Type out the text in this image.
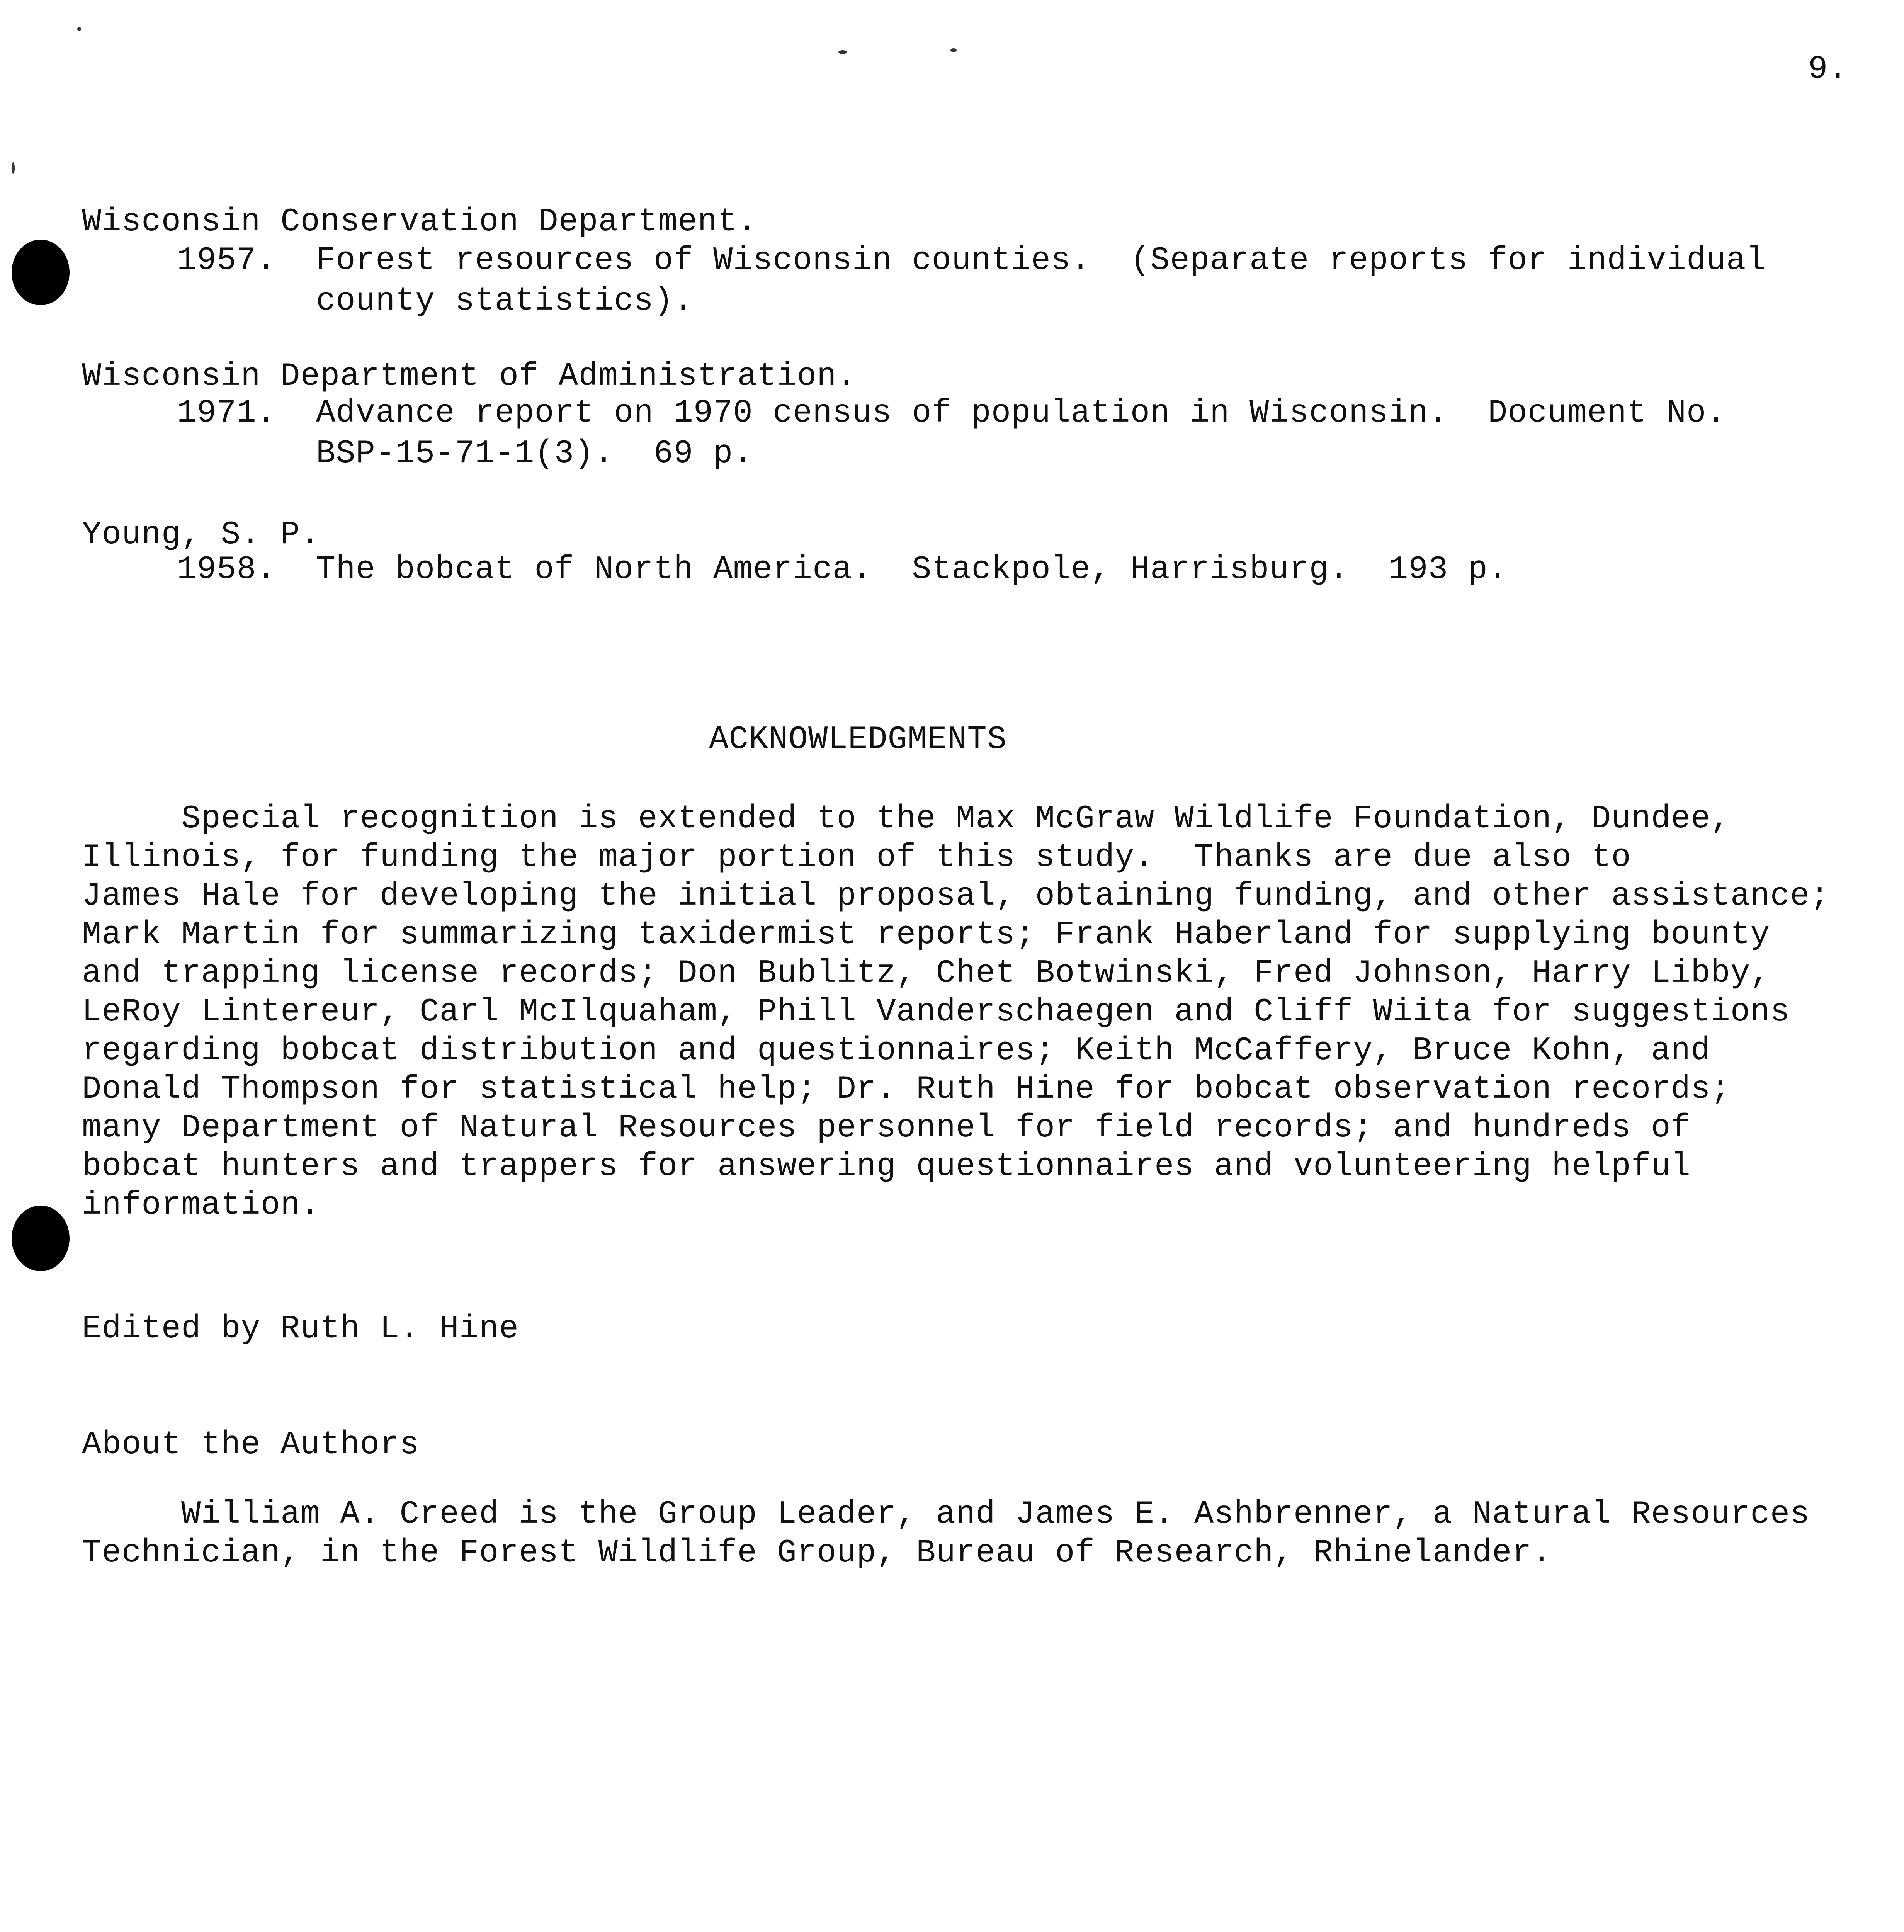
9.
Wisconsin Conservation Department.
1957.  Forest resources of Wisconsin counties.  (Separate reports for individual
county statistics).
Wisconsin Department of Administration.
1971.  Advance report on 1970 census of population in Wisconsin.  Document No.
BSP-15-71-1(3).  69 p.
Young, S. P.
1958.  The bobcat of North America.  Stackpole, Harrisburg.  193 p.
ACKNOWLEDGMENTS
Special recognition is extended to the Max McGraw Wildlife Foundation, Dundee,
Illinois, for funding the major portion of this study.  Thanks are due also to
James Hale for developing the initial proposal, obtaining funding, and other assistance;
Mark Martin for summarizing taxidermist reports; Frank Haberland for supplying bounty
and trapping license records; Don Bublitz, Chet Botwinski, Fred Johnson, Harry Libby,
LeRoy Lintereur, Carl McIlquaham, Phill Vanderschaegen and Cliff Wiita for suggestions
regarding bobcat distribution and questionnaires; Keith McCaffery, Bruce Kohn, and
Donald Thompson for statistical help; Dr. Ruth Hine for bobcat observation records;
many Department of Natural Resources personnel for field records; and hundreds of
bobcat hunters and trappers for answering questionnaires and volunteering helpful
information.
Edited by Ruth L. Hine
About the Authors
William A. Creed is the Group Leader, and James E. Ashbrenner, a Natural Resources
Technician, in the Forest Wildlife Group, Bureau of Research, Rhinelander.
